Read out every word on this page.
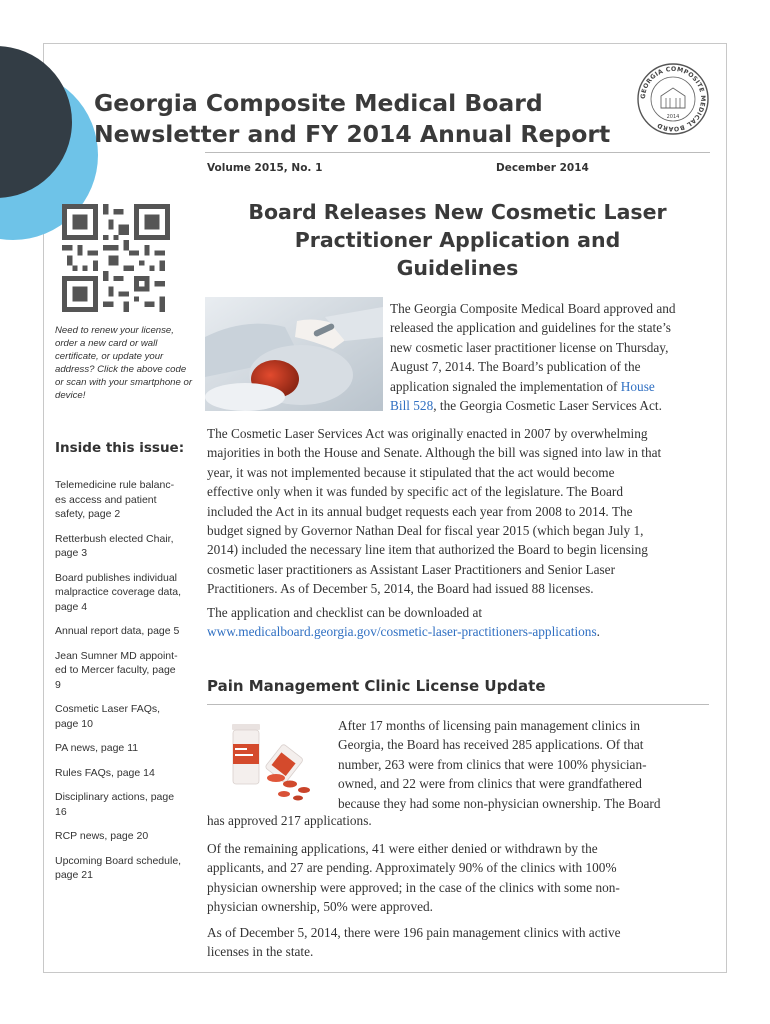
Georgia Composite Medical Board
Newsletter and FY 2014 Annual Report
GEORGIA COMPOSITE MEDICAL BOARD
2014
Volume 2015, No. 1	December 2014
Need to renew your license, order a new card or wall certificate, or update your address? Click the above code or scan with your smartphone or device!
Inside this issue:
Telemedicine rule balanc-
es access and patient
safety, page 2
Retterbush elected Chair,
page 3
Board publishes individual
malpractice coverage data,
page 4
Annual report data, page 5
Jean Sumner MD appoint-
ed to Mercer faculty, page
9
Cosmetic Laser FAQs,
page 10
PA news, page 11
Rules FAQs, page 14
Disciplinary actions, page
16
RCP news, page 20
Upcoming Board schedule,
page 21
Board Releases New Cosmetic Laser
Practitioner Application and
Guidelines
The Georgia Composite Medical Board approved and
released the application and guidelines for the state’s
new cosmetic laser practitioner license on Thursday,
August 7, 2014. The Board’s publication of the
application signaled the implementation of House
Bill 528, the Georgia Cosmetic Laser Services Act.
The Cosmetic Laser Services Act was originally enacted in 2007 by overwhelming
majorities in both the House and Senate. Although the bill was signed into law in that
year, it was not implemented because it stipulated that the act would become
effective only when it was funded by specific act of the legislature. The Board
included the Act in its annual budget requests each year from 2008 to 2014. The
budget signed by Governor Nathan Deal for fiscal year 2015 (which began July 1,
2014) included the necessary line item that authorized the Board to begin licensing
cosmetic laser practitioners as Assistant Laser Practitioners and Senior Laser
Practitioners. As of December 5, 2014, the Board had issued 88 licenses.
The application and checklist can be downloaded at
www.medicalboard.georgia.gov/cosmetic-laser-practitioners-applications.
Pain Management Clinic License Update
After 17 months of licensing pain management clinics in
Georgia, the Board has received 285 applications. Of that
number, 263 were from clinics that were 100% physician-
owned, and 22 were from clinics that were grandfathered
because they had some non-physician ownership. The Board
has approved 217 applications.
Of the remaining applications, 41 were either denied or withdrawn by the
applicants, and 27 are pending. Approximately 90% of the clinics with 100%
physician ownership were approved; in the case of the clinics with some non-
physician ownership, 50% were approved.
As of December 5, 2014, there were 196 pain management clinics with active
licenses in the state.
